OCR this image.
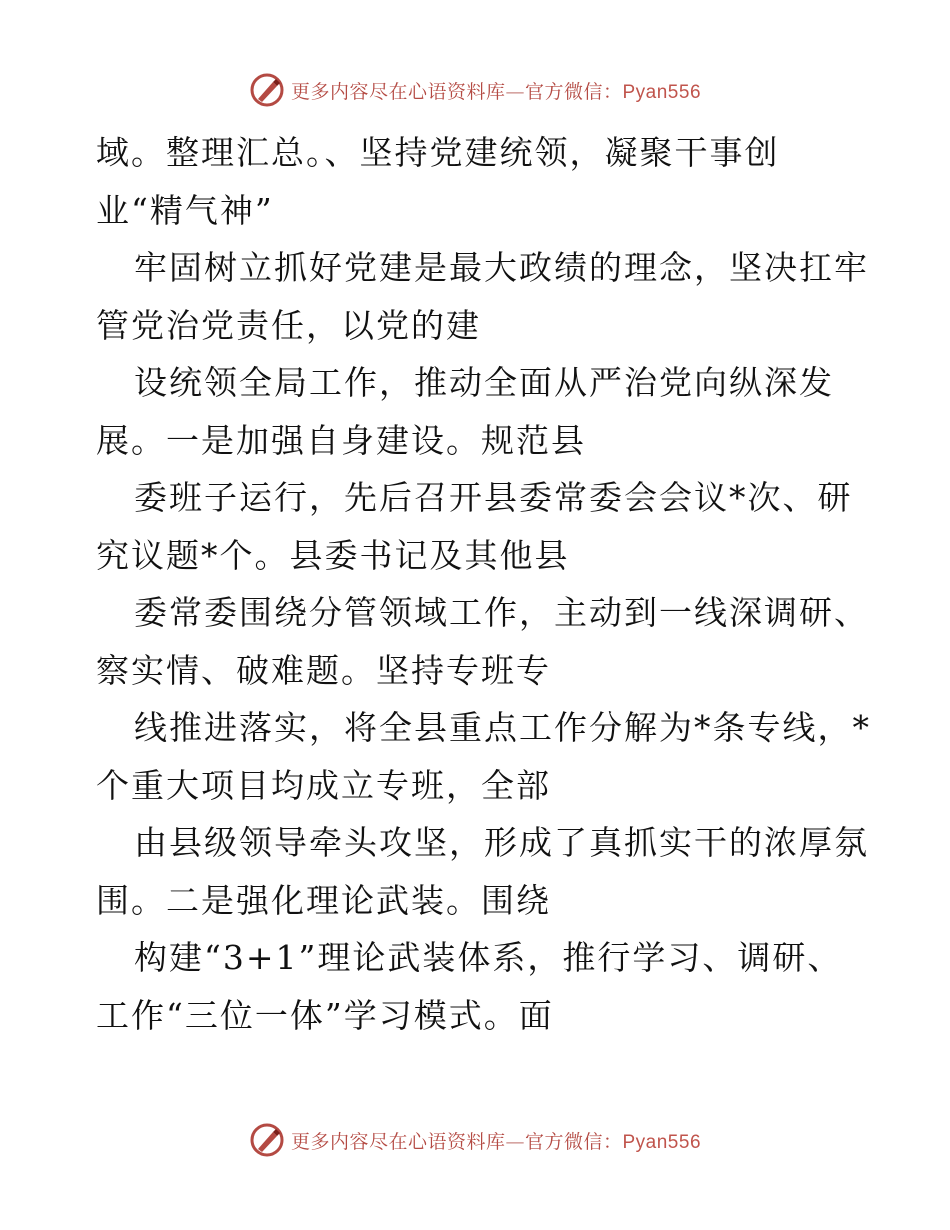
更多内容尽在心语资料库—官方微信：Pyan556
域。整理汇总。、坚持党建统领，凝聚干事创
业“精气神”
牢固树立抓好党建是最大政绩的理念，坚决扛牢
管党治党责任，以党的建
设统领全局工作，推动全面从严治党向纵深发
展。一是加强自身建设。规范县
委班子运行，先后召开县委常委会会议*次、研
究议题*个。县委书记及其他县
委常委围绕分管领域工作，主动到一线深调研、
察实情、破难题。坚持专班专
线推进落实，将全县重点工作分解为*条专线，*
个重大项目均成立专班，全部
由县级领导牵头攻坚，形成了真抓实干的浓厚氛
围。二是强化理论武装。围绕
构建“3+1”理论武装体系，推行学习、调研、
工作“三位一体”学习模式。面
更多内容尽在心语资料库—官方微信：Pyan556
